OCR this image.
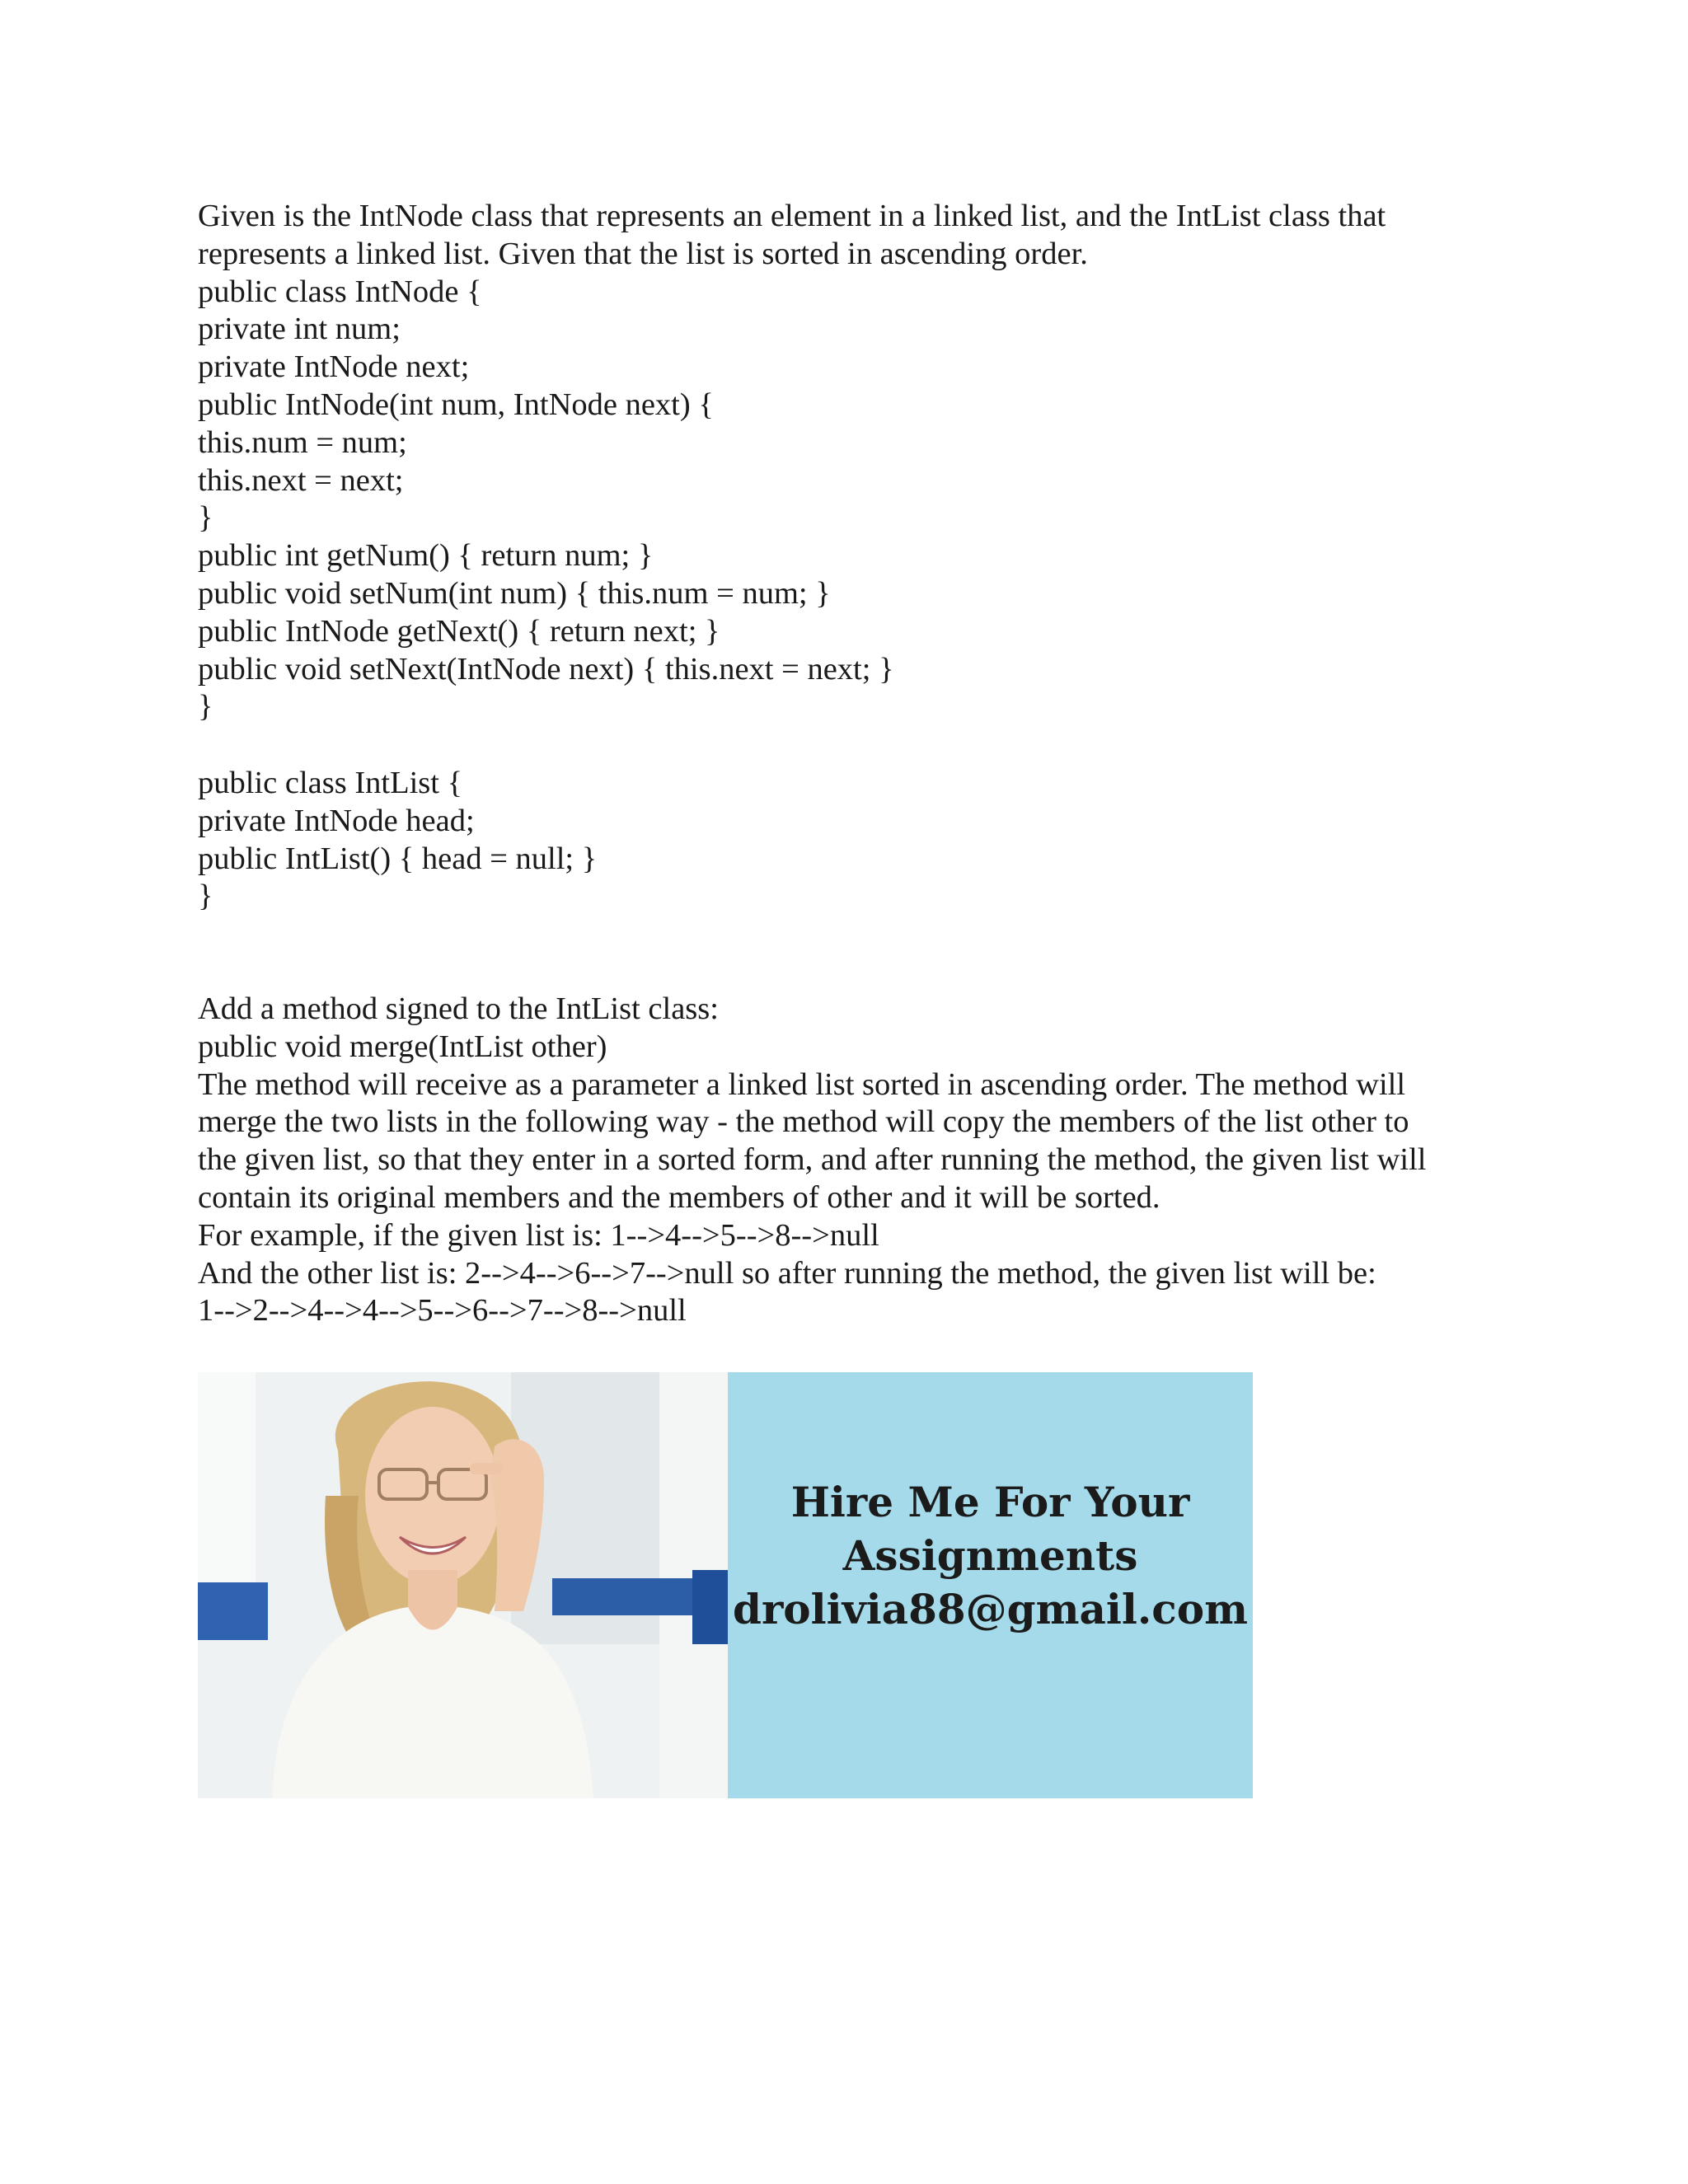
Given is the IntNode class that represents an element in a linked list, and the IntList class that
represents a linked list. Given that the list is sorted in ascending order.
public class IntNode {
private int num;
private IntNode next;
public IntNode(int num, IntNode next) {
this.num = num;
this.next = next;
}
public int getNum() { return num; }
public void setNum(int num) { this.num = num; }
public IntNode getNext() { return next; }
public void setNext(IntNode next) { this.next = next; }
}
public class IntList {
private IntNode head;
public IntList() { head = null; }
}
Add a method signed to the IntList class:
public void merge(IntList other)
The method will receive as a parameter a linked list sorted in ascending order. The method will
merge the two lists in the following way - the method will copy the members of the list other to
the given list, so that they enter in a sorted form, and after running the method, the given list will
contain its original members and the members of other and it will be sorted.
For example, if the given list is: 1-->4-->5-->8-->null
And the other list is: 2-->4-->6-->7-->null so after running the method, the given list will be:
1-->2-->4-->4-->5-->6-->7-->8-->null
Hire Me For Your
Assignments
drolivia88@gmail.com
